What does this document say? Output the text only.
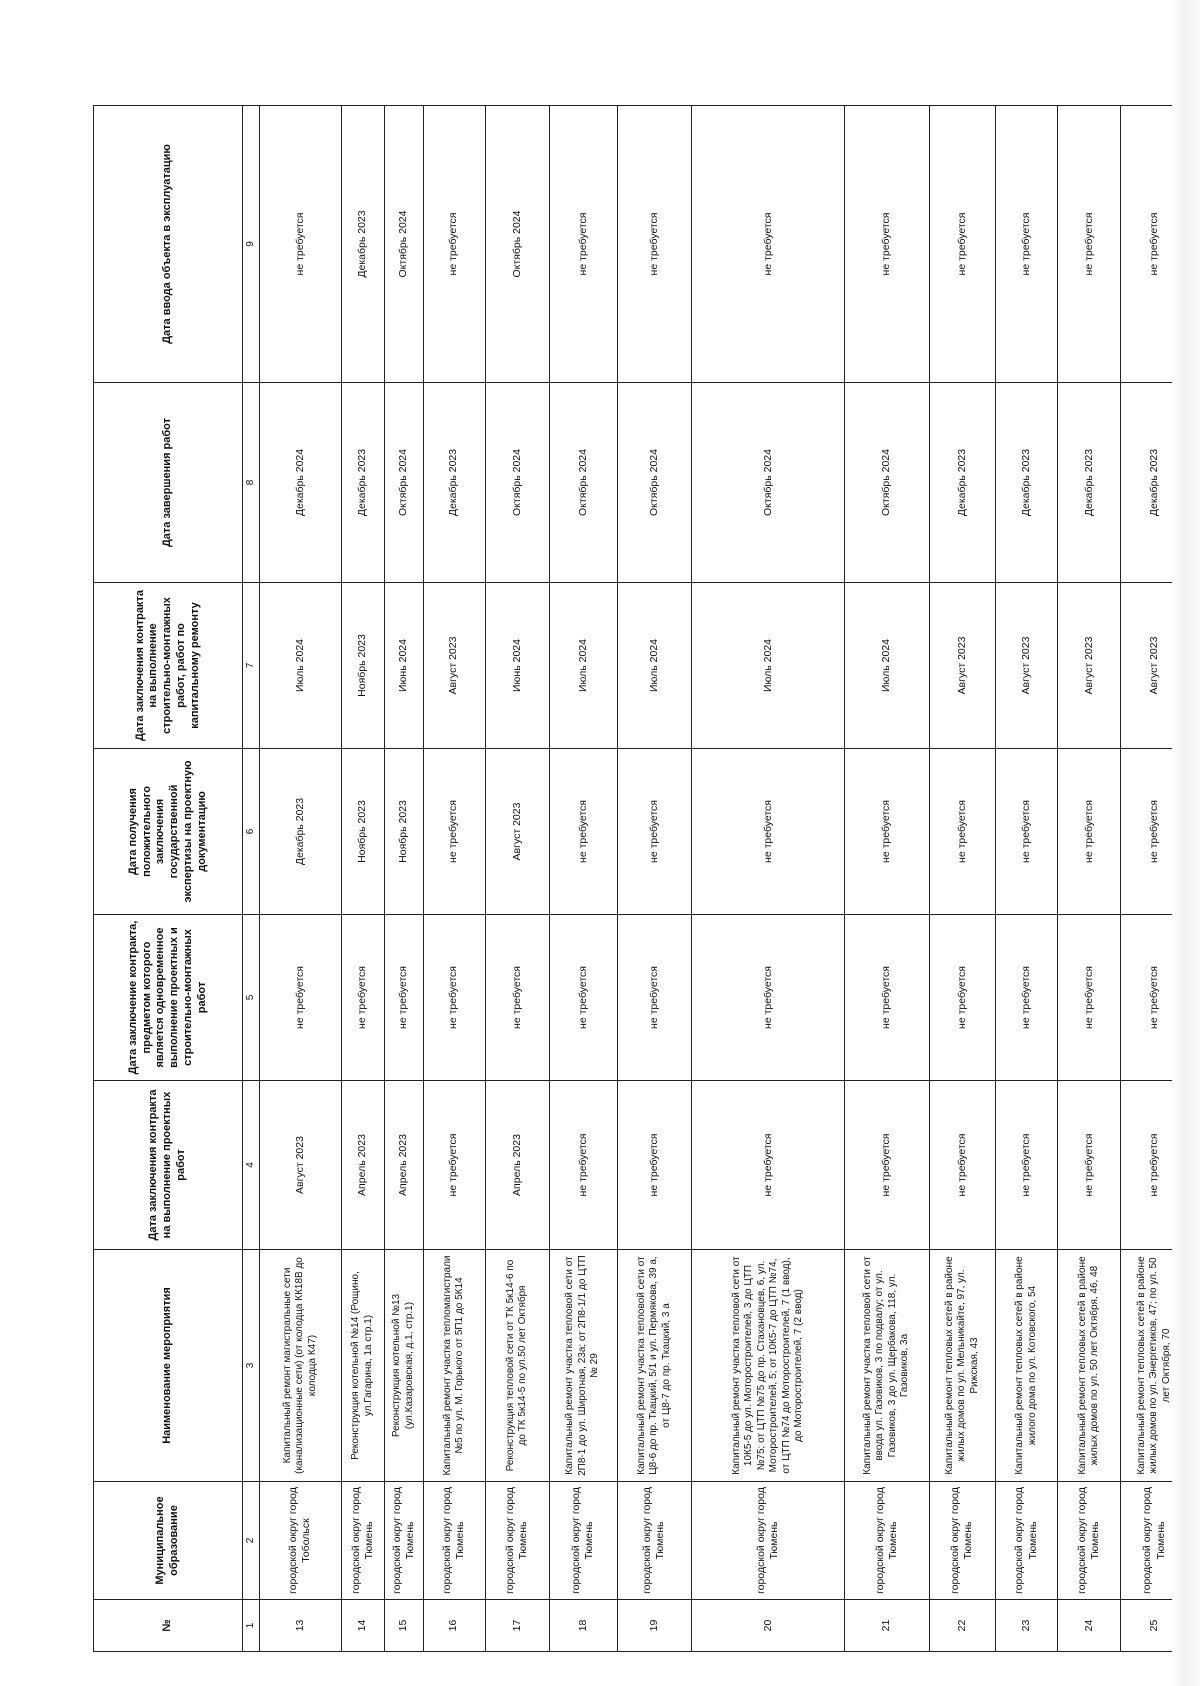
№	Муниципальное образование	Наименование мероприятия	Дата заключения контракта на выполнение проектных работ	Дата заключение контракта, предметом которого является одновременное выполнение проектных и строительно-монтажных работ	Дата получения положительного заключения государственной экспертизы на проектную документацию	Дата заключения контракта на выполнение строительно-монтажных работ, работ по капитальному ремонту	Дата завершения работ	Дата ввода объекта в эксплуатацию
1	2	3	4	5	6	7	8	9
13	городской округ город Тобольск	Капитальный ремонт магистральные сети (канализационные сети) (от колодца КК18В до колодца К47)	Август 2023	не требуется	Декабрь 2023	Июль 2024	Декабрь 2024	не требуется
14	городской округ город Тюмень	Реконструкция котельной №14 (Рощино, ул.Гагарина, 1а стр.1)	Апрель 2023	не требуется	Ноябрь 2023	Ноябрь 2023	Декабрь 2023	Декабрь 2023
15	городской округ город Тюмень	Реконструкция котельной №13 (ул.Казаровская, д.1, стр.1)	Апрель 2023	не требуется	Ноябрь 2023	Июнь 2024	Октябрь 2024	Октябрь 2024
16	городской округ город Тюмень	Капитальный ремонт участка тепломагистрали №5 по ул. М. Горького от 5П1 до 5К14	не требуется	не требуется	не требуется	Август 2023	Декабрь 2023	не требуется
17	городской округ город Тюмень	Реконструкция тепловой сети от ТК 5к14-6 по до ТК 5к14-5 по ул.50 лет Октября	Апрель 2023	не требуется	Август 2023	Июнь 2024	Октябрь 2024	Октябрь 2024
18	городской округ город Тюмень	Капитальный ремонт участка тепловой сети от 2П8-1 до ул. Широтная, 23а; от 2П8-1/1 до ЦТП № 29	не требуется	не требуется	не требуется	Июль 2024	Октябрь 2024	не требуется
19	городской округ город Тюмень	Капитальный ремонт участка тепловой сети от Ц8-6 до пр. Ткацкий, 5/1 и ул. Пермякова, 39 а, от Ц8-7 до пр. Ткацкий, 3 а	не требуется	не требуется	не требуется	Июль 2024	Октябрь 2024	не требуется
20	городской округ город Тюмень	Капитальный ремонт участка тепловой сети от 10К5-5 до ул. Моторостроителей, 3 до ЦТП №75; от ЦТП №75 до пр. Стахановцев, 6, ул. Моторостроителей, 5; от 10К5-7 до ЦТП №74, от ЦТП №74 до Моторостроителей, 7 (1 ввод), до Моторостроителей, 7 (2 ввод)	не требуется	не требуется	не требуется	Июль 2024	Октябрь 2024	не требуется
21	городской округ город Тюмень	Капитальный ремонт участка тепловой сети от ввода ул. Газовиков, 3 по подвалу; от ул. Газовиков, 3 до ул. Щербакова, 118, ул. Газовиков, 3а	не требуется	не требуется	не требуется	Июль 2024	Октябрь 2024	не требуется
22	городской округ город Тюмень	Капитальный ремонт тепловых сетей в районе жилых домов по ул. Мельникайте, 97, ул. Рижская, 43	не требуется	не требуется	не требуется	Август 2023	Декабрь 2023	не требуется
23	городской округ город Тюмень	Капитальный ремонт тепловых сетей в районе жилого дома по ул. Котовского, 54	не требуется	не требуется	не требуется	Август 2023	Декабрь 2023	не требуется
24	городской округ город Тюмень	Капитальный ремонт тепловых сетей в районе жилых домов по ул. 50 лет Октября, 46, 48	не требуется	не требуется	не требуется	Август 2023	Декабрь 2023	не требуется
25	городской округ город Тюмень	Капитальный ремонт тепловых сетей в районе жилых домов по ул. Энергетиков, 47; по ул. 50 лет Октября, 70	не требуется	не требуется	не требуется	Август 2023	Декабрь 2023	не требуется
